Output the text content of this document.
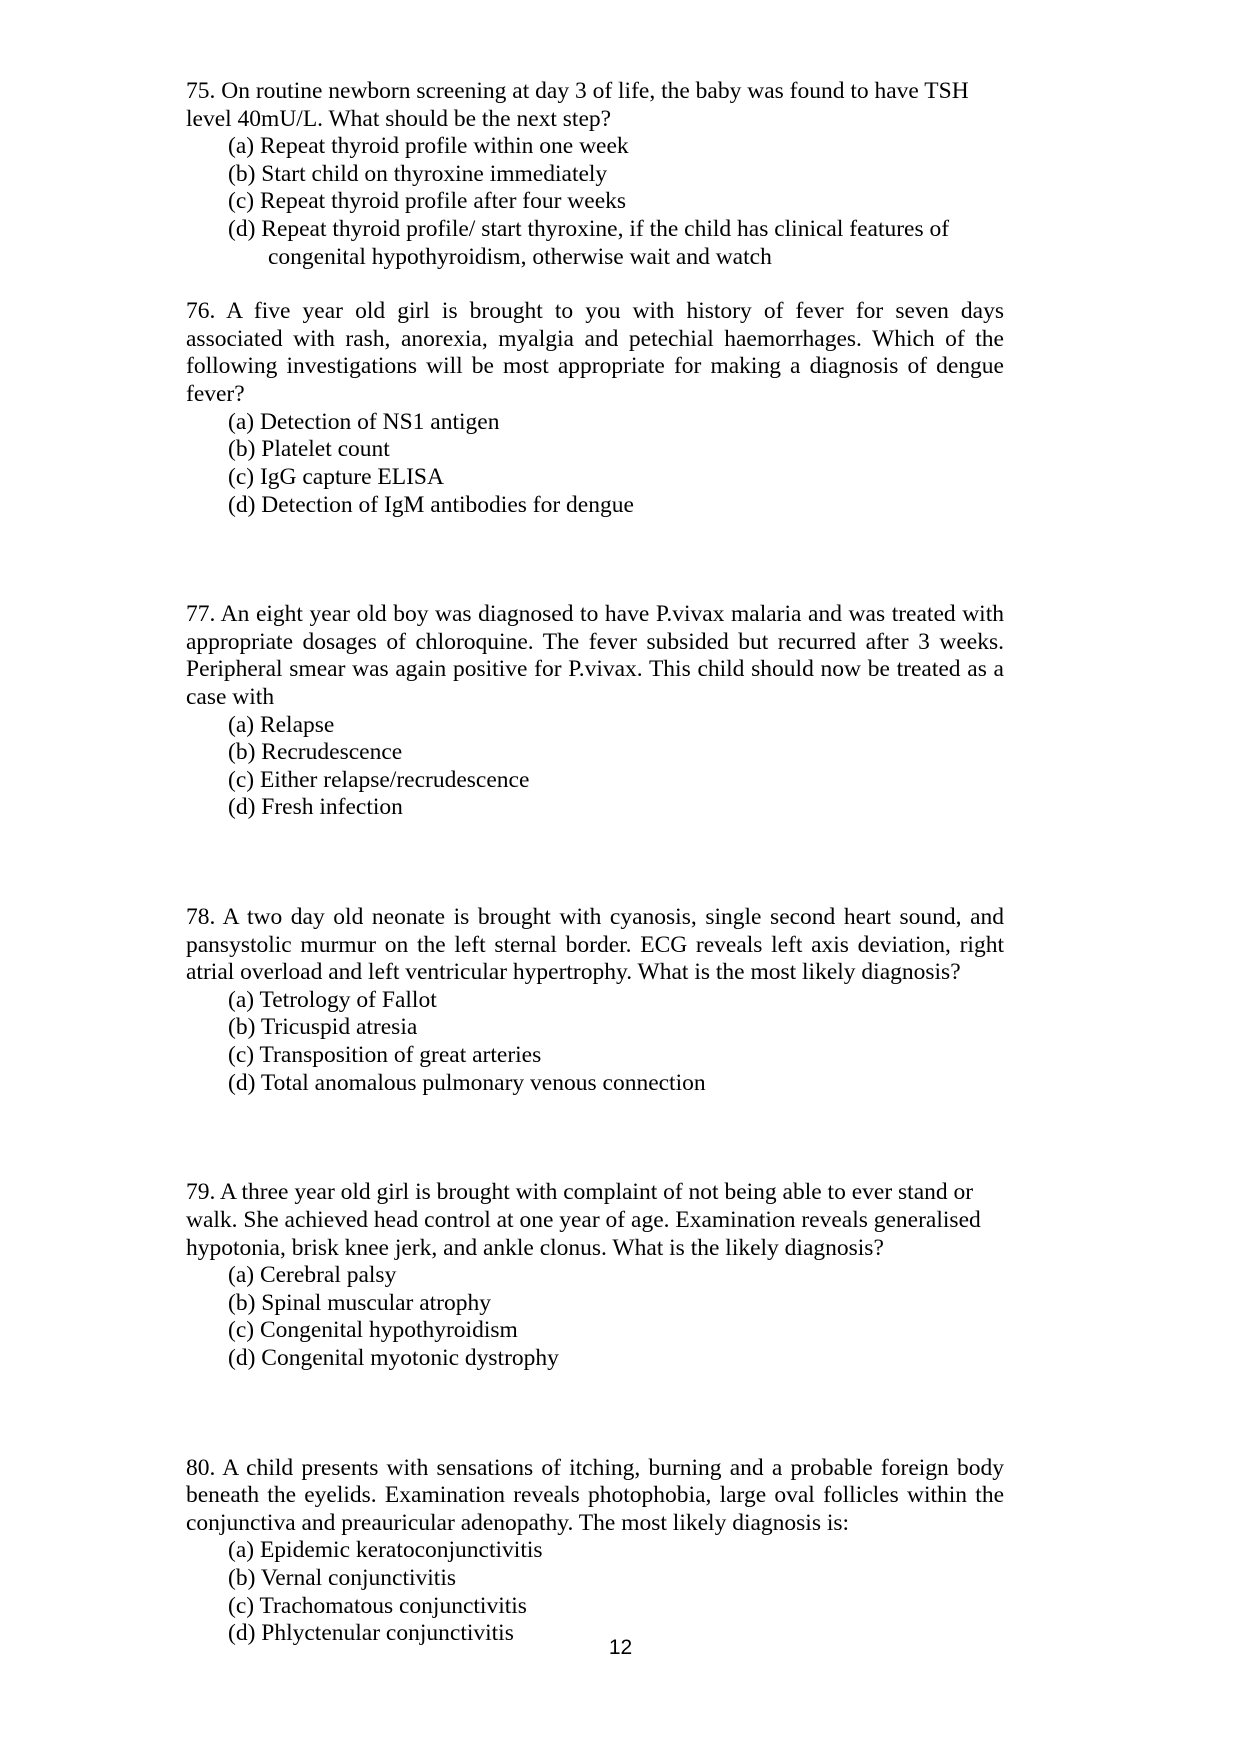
75. On routine newborn screening at day 3 of life, the baby was found to have TSH level 40mU/L. What should be the next step?

(a) Repeat thyroid profile within one week
(b) Start child on thyroxine immediately
(c) Repeat thyroid profile after four weeks
(d) Repeat thyroid profile/ start thyroxine, if the child has clinical features of
congenital hypothyroidism, otherwise wait and watch

76. A five year old girl is brought to you with history of fever for seven days associated with rash, anorexia, myalgia and petechial haemorrhages. Which of the following investigations will be most appropriate for making a diagnosis of dengue fever?

(a) Detection of NS1 antigen
(b) Platelet count
(c) IgG capture ELISA
(d) Detection of IgM antibodies for dengue

77. An eight year old boy was diagnosed to have P.vivax malaria and was treated with appropriate dosages of chloroquine. The fever subsided but recurred after 3 weeks. Peripheral smear was again positive for P.vivax. This child should now be treated as a case with

(a) Relapse
(b) Recrudescence
(c) Either relapse/recrudescence
(d) Fresh infection

78. A two day old neonate is brought with cyanosis, single second heart sound, and pansystolic murmur on the left sternal border. ECG reveals left axis deviation, right atrial overload and left ventricular hypertrophy. What is the most likely diagnosis?

(a) Tetrology of Fallot
(b) Tricuspid atresia
(c) Transposition of great arteries
(d) Total anomalous pulmonary venous connection

79. A three year old girl is brought with complaint of not being able to ever stand or walk. She achieved head control at one year of age. Examination reveals generalised hypotonia, brisk knee jerk, and ankle clonus. What is the likely diagnosis?

(a) Cerebral palsy
(b) Spinal muscular atrophy
(c) Congenital hypothyroidism
(d) Congenital myotonic dystrophy

80. A child presents with sensations of itching, burning and a probable foreign body beneath the eyelids. Examination reveals photophobia, large oval follicles within the conjunctiva and preauricular adenopathy. The most likely diagnosis is:

(a) Epidemic keratoconjunctivitis
(b) Vernal conjunctivitis
(c) Trachomatous conjunctivitis
(d) Phlyctenular conjunctivitis
12
